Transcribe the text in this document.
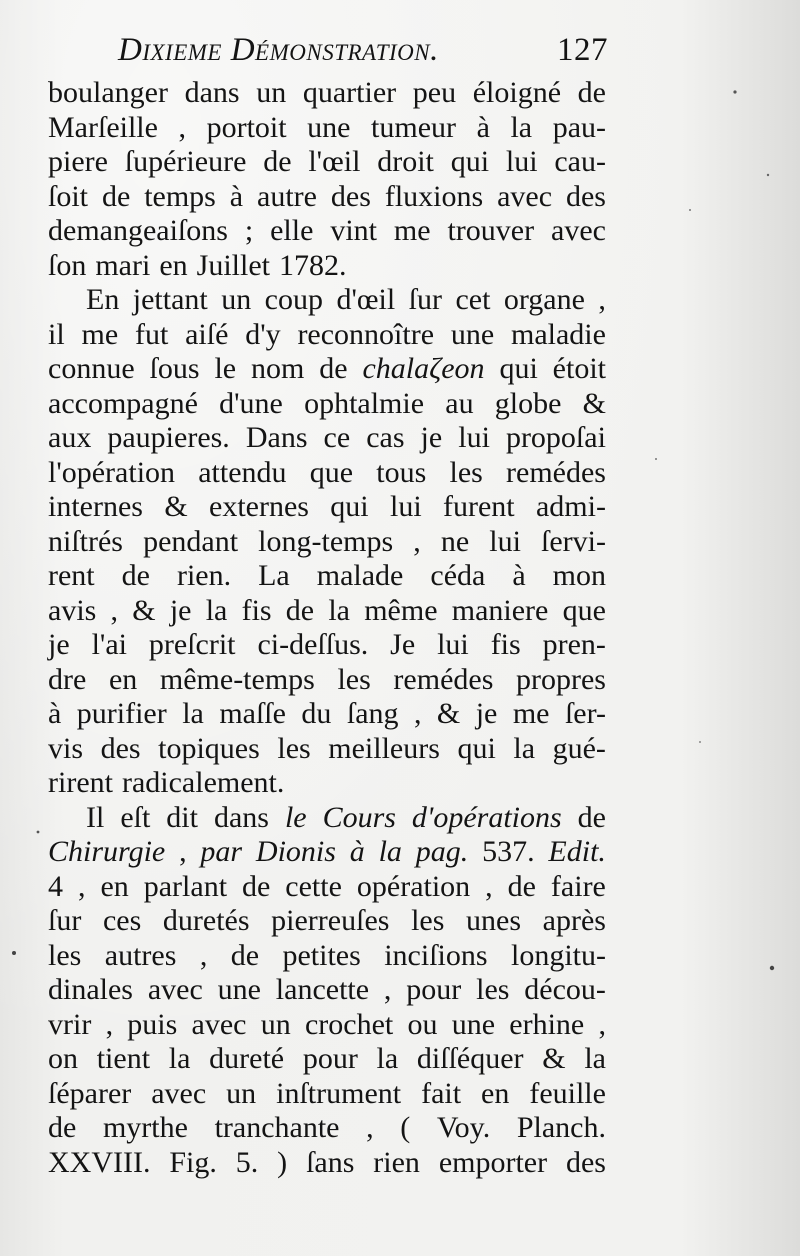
Dixieme Démonstration.	127
boulanger dans un quartier peu éloigné de
Marſeille , portoit une tumeur à la pau-
piere ſupérieure de l'œil droit qui lui cau-
ſoit de temps à autre des fluxions avec des
demangeaiſons ; elle vint me trouver avec
ſon mari en Juillet 1782.
En jettant un coup d'œil ſur cet organe ,
il me fut aiſé d'y reconnoître une maladie
connue ſous le nom de chalaζeon qui étoit
accompagné d'une ophtalmie au globe &
aux paupieres. Dans ce cas je lui propoſai
l'opération attendu que tous les remédes
internes & externes qui lui furent admi-
niſtrés pendant long-temps , ne lui ſervi-
rent de rien. La malade céda à mon
avis , & je la fis de la même maniere que
je l'ai preſcrit ci-deſſus. Je lui fis pren-
dre en même-temps les remédes propres
à purifier la maſſe du ſang , & je me ſer-
vis des topiques les meilleurs qui la gué-
rirent radicalement.
Il eſt dit dans le Cours d'opérations de
Chirurgie , par Dionis à la pag. 537. Edit.
4 , en parlant de cette opération , de faire
ſur ces duretés pierreuſes les unes après
les autres , de petites inciſions longitu-
dinales avec une lancette , pour les décou-
vrir , puis avec un crochet ou une erhine ,
on tient la dureté pour la diſſéquer & la
ſéparer avec un inſtrument fait en feuille
de myrthe tranchante , ( Voy. Planch.
XXVIII. Fig. 5. ) ſans rien emporter des
